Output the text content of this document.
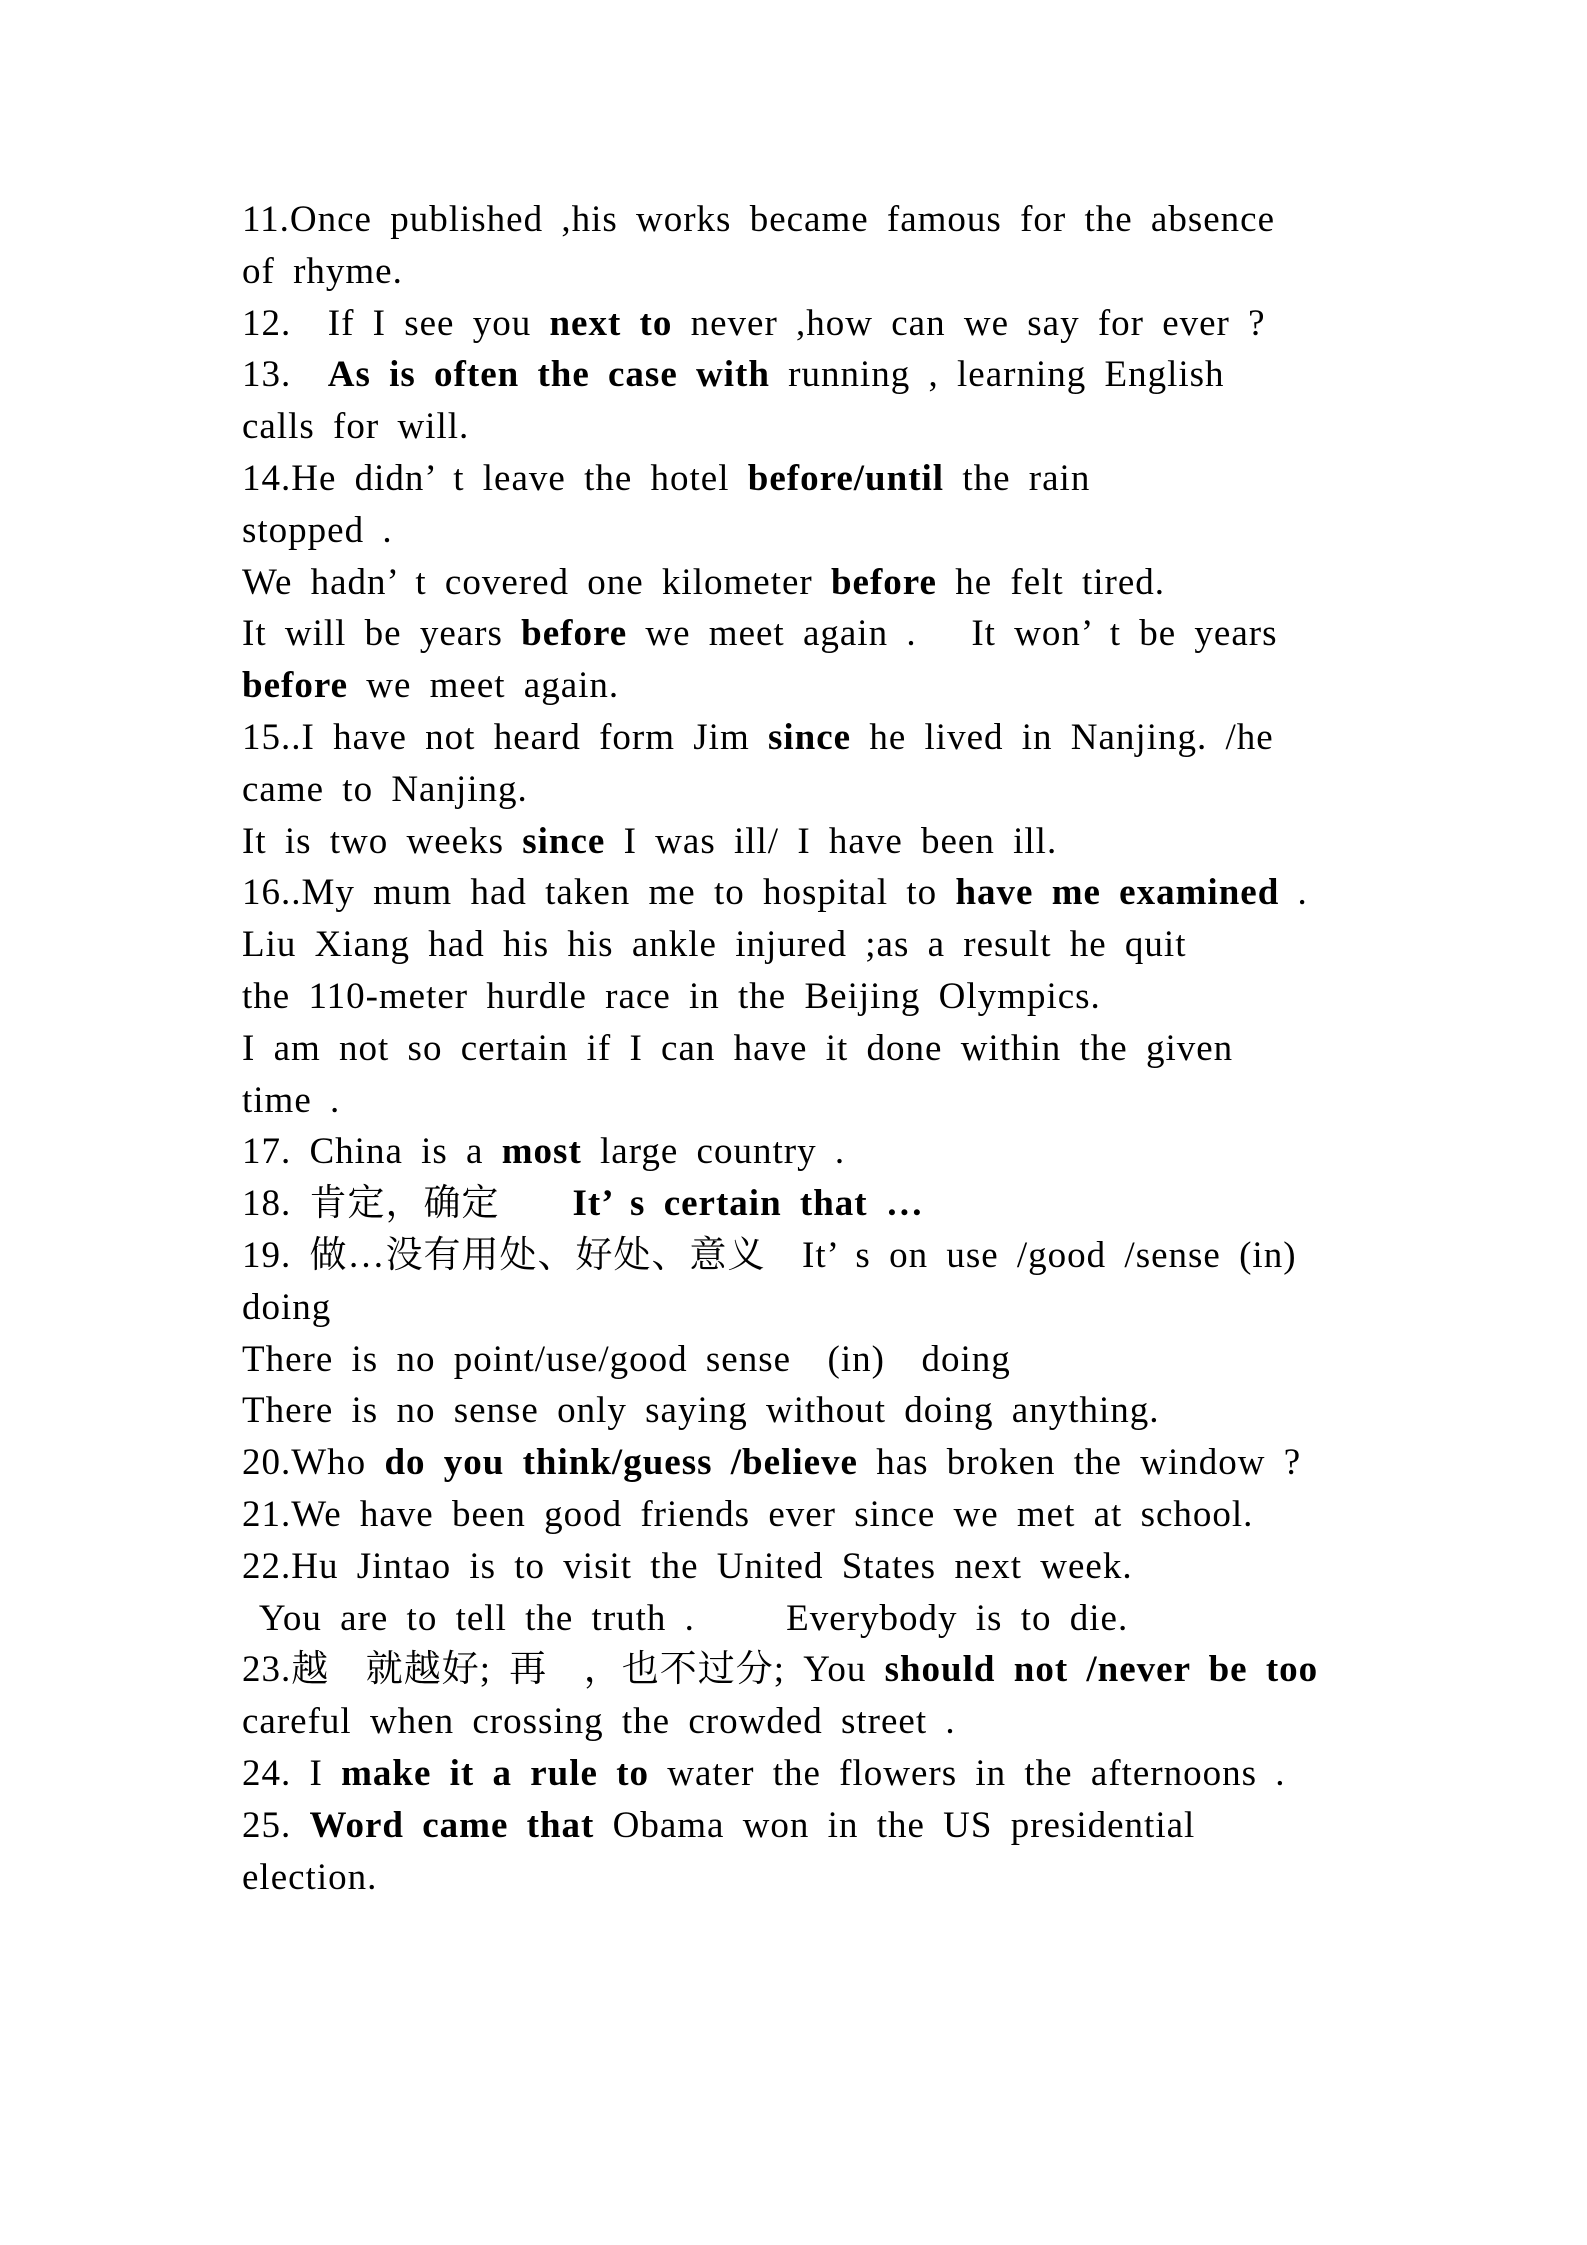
11.Once published ,his works became famous for the absence
of rhyme.
12.  If I see you next to never ,how can we say for ever ?
13.  As is often the case with running , learning English
calls for will.
14.He didn’ t leave the hotel before/until the rain
stopped .
We hadn’ t covered one kilometer before he felt tired.
It will be years before we meet again .   It won’ t be years
before we meet again.
15..I have not heard form Jim since he lived in Nanjing. /he
came to Nanjing.
It is two weeks since I was ill/ I have been ill.
16..My mum had taken me to hospital to have me examined .
Liu Xiang had his his ankle injured ;as a result he quit
the 110-meter hurdle race in the Beijing Olympics.
I am not so certain if I can have it done within the given
time .
17. China is a most large country .
18. 肯定，确定    It’ s certain that …
19. 做…没有用处、好处、意义  It’ s on use /good /sense (in)
doing
There is no point/use/good sense  (in)  doing
There is no sense only saying without doing anything.
20.Who do you think/guess /believe has broken the window ?
21.We have been good friends ever since we met at school.
22.Hu Jintao is to visit the United States next week.
You are to tell the truth .     Everybody is to die.
23.越  就越好; 再  ，也不过分; You should not /never be too
careful when crossing the crowded street .
24. I make it a rule to water the flowers in the afternoons .
25. Word came that Obama won in the US presidential
election.
